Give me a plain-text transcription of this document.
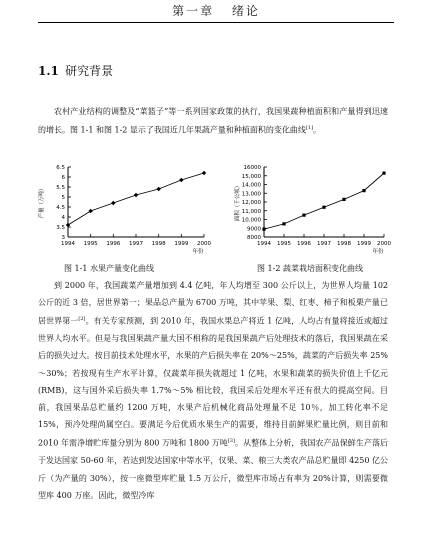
第一章 绪论
1.1 研究背景
农村产业结构的调整及“菜篮子”等一系列国家政策的执行，我国果蔬种植面积和产量得到迅速的增长。图 1-1 和图 1-2 显示了我国近几年果蔬产量和种植面积的变化曲线[1]。
3
3.5
4
4.5
5
5.5
6
6.5
1994 1995 1996 1997 1998 1999 2000
年份
产量（万吨）
8000
9000
10,000
11,000
12,000
13,000
14,000
15,000
16000
1994 1995 1996 1997 1998 1999 2000
年份
面积（千公顷）
图 1-1 水果产量变化曲线	图 1-2 蔬菜栽培面积变化曲线
到 2000 年，我国蔬菜产量增加到 4.4 亿吨，年人均增至 300 公斤以上，为世界人均量 102 公斤的近 3 倍，居世界第一；果品总产量为 6700 万吨，其中苹果、梨、红枣、柿子和板栗产量已居世界第一[2]。有关专家预测，到 2010 年，我国水果总产将近 1 亿吨，人均占有量将接近或超过世界人均水平。但是与我国果蔬产量大国不相称的是我国果蔬产后处理技术的落后，我国果蔬在采后的损失过大。按目前技术处理水平，水果的产后损失率在 20%～25%，蔬菜的产后损失率 25%～30%；若按现有生产水平计算，仅蔬菜年损失就超过 1 亿吨，水果和蔬菜的损失价值上千亿元(RMB)，这与国外采后损失率 1.7%～5% 相比较，我国采后处理水平还有很大的提高空间。目前，我国果品总贮量约 1200 万吨，水果产后机械化商品处理量不足 10％，加工转化率不足 15%，预冷处理尚属空白。要满足今后优质水果生产的需要，维持目前鲜果贮量比例，则目前和 2010 年需净增贮库量分别为 800 万吨和 1800 万吨[3]。从整体上分析，我国农产品保鲜生产落后于发达国家 50-60 年，若达到发达国家中等水平，仅果、菜、粮三大类农产品总贮量即 4250 亿公斤（为产量的 30%），按一座微型库贮量 1.5 万公斤，微型库市场占有率为 20%计算，则需要微型库 400 万座。因此，微型冷库
